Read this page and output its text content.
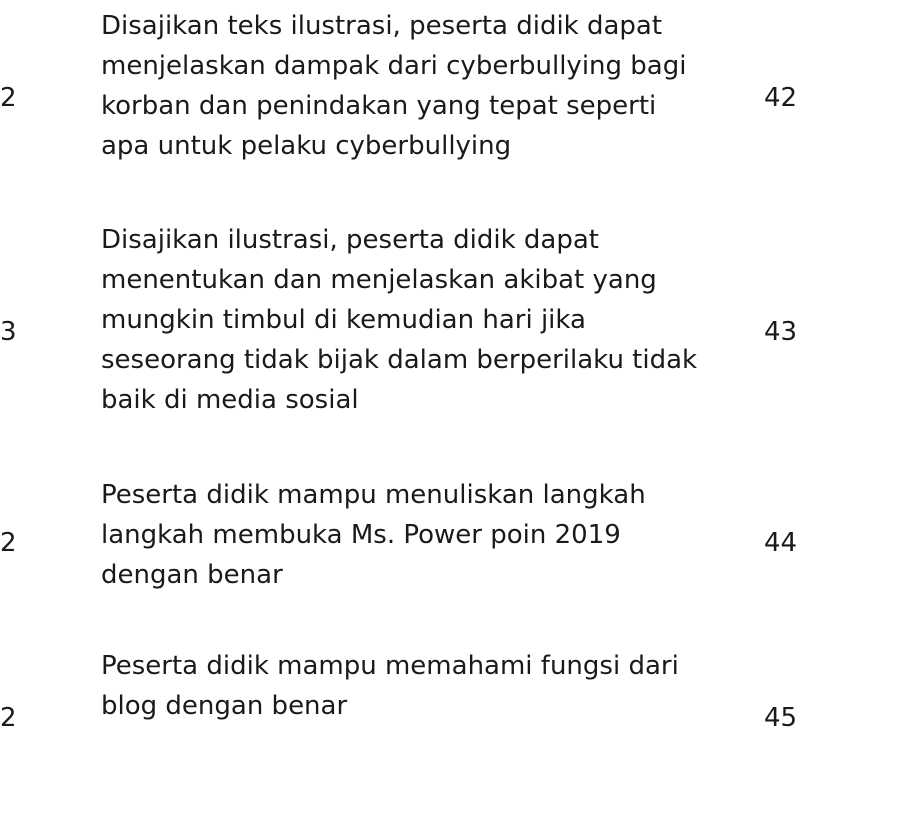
2
Disajikan teks ilustrasi, peserta didik dapat
menjelaskan dampak dari cyberbullying bagi
korban dan penindakan yang tepat seperti
apa untuk pelaku cyberbullying
42
3
Disajikan ilustrasi, peserta didik dapat
menentukan dan menjelaskan akibat yang
mungkin timbul di kemudian hari jika
seseorang tidak bijak dalam berperilaku tidak
baik di media sosial
43
2
Peserta didik mampu menuliskan langkah
langkah membuka Ms. Power poin 2019
dengan benar
44
2
Peserta didik mampu memahami fungsi dari
blog dengan benar	45
